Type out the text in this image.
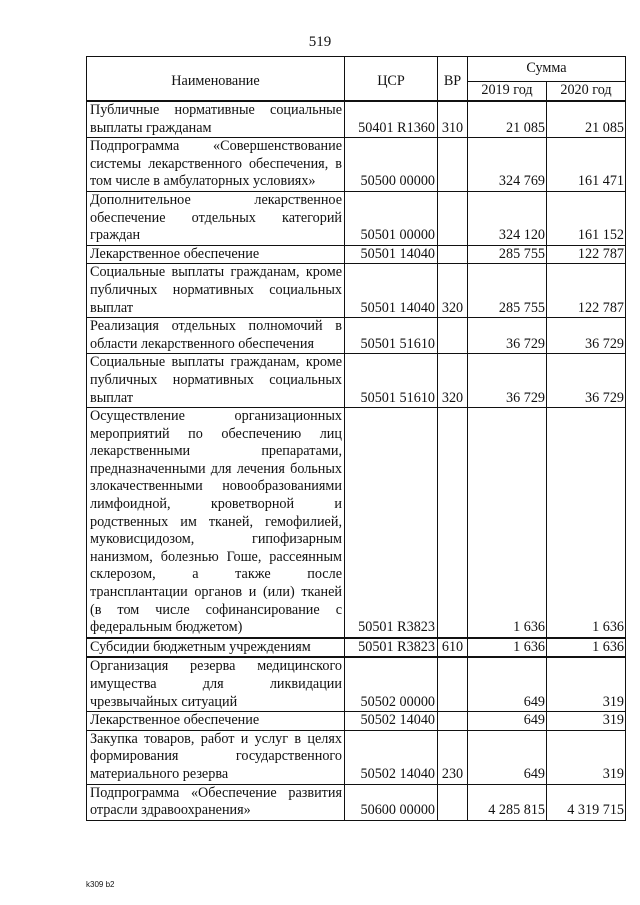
519
Наименование	ЦСР	ВР	Сумма	
			2019 год	2020 год
Публичные нормативные социальные выплаты гражданам	50401 R1360	310	21 085	21 085
Подпрограмма «Совершенствование системы лекарственного обеспечения, в том числе в амбулаторных условиях»	50500 00000		324 769	161 471
Дополнительное лекарственное обеспечение отдельных категорий граждан	50501 00000		324 120	161 152
Лекарственное обеспечение	50501 14040		285 755	122 787
Социальные выплаты гражданам, кроме публичных нормативных социальных выплат	50501 14040	320	285 755	122 787
Реализация отдельных полномочий в области лекарственного обеспечения	50501 51610		36 729	36 729
Социальные выплаты гражданам, кроме публичных нормативных социальных выплат	50501 51610	320	36 729	36 729
Осуществление организационных мероприятий по обеспечению лиц лекарственными препаратами, предназначенными для лечения больных злокачественными новообразованиями лимфоидной, кроветворной и родственных им тканей, гемофилией, муковисцидозом, гипофизарным нанизмом, болезнью Гоше, рассеянным склерозом, а также после трансплантации органов и (или) тканей (в том числе софинансирование с федеральным бюджетом)	50501 R3823		1 636	1 636
Субсидии бюджетным учреждениям	50501 R3823	610	1 636	1 636
Организация резерва медицинского имущества для ликвидации чрезвычайных ситуаций	50502 00000		649	319
Лекарственное обеспечение	50502 14040		649	319
Закупка товаров, работ и услуг в целях формирования государственного материального резерва	50502 14040	230	649	319
Подпрограмма «Обеспечение развития отрасли здравоохранения»	50600 00000		4 285 815	4 319 715
k309 b2
